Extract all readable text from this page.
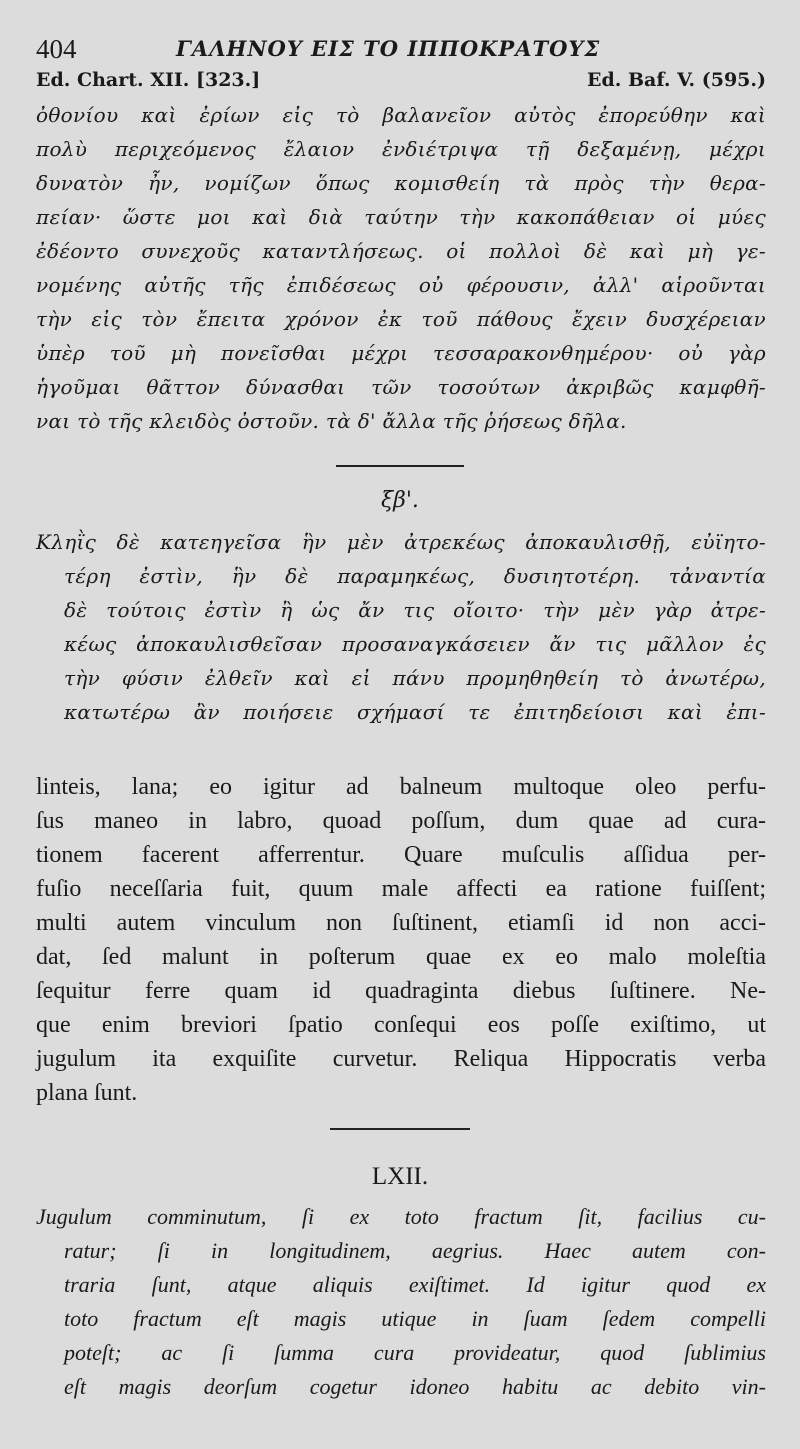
404	ΓΑΛΗΝΟΥ ΕΙΣ ΤΟ ΙΠΠΟΚΡΑΤΟΥΣ
Ed. Chart. XII. [323.]	Ed. Baf. V. (595.)
ὀθονίου καὶ ἐρίων εἰς τὸ βαλανεῖον αὐτὸς ἐπορεύθην καὶ
πολὺ περιχεόμενος ἔλαιον ἐνδιέτριψα τῇ δεξαμένῃ, μέχρι
δυνατὸν ἦν, νομίζων ὅπως κομισθείη τὰ πρὸς τὴν θερα-
πείαν· ὥστε μοι καὶ διὰ ταύτην τὴν κακοπάθειαν οἱ μύες
ἐδέοντο συνεχοῦς καταντλήσεως. οἱ πολλοὶ δὲ καὶ μὴ γε-
νομένης αὐτῆς τῆς ἐπιδέσεως οὐ φέρουσιν, ἀλλ' αἱροῦνται
τὴν εἰς τὸν ἔπειτα χρόνον ἐκ τοῦ πάθους ἔχειν δυσχέρειαν
ὑπὲρ τοῦ μὴ πονεῖσθαι μέχρι τεσσαρακονθημέρου· οὐ γὰρ
ἡγοῦμαι θᾶττον δύνασθαι τῶν τοσούτων ἀκριβῶς καμφθῆ-
ναι τὸ τῆς κλειδὸς ὀστοῦν. τὰ δ' ἄλλα τῆς ῥήσεως δῆλα.
ξβ'.
Κληῒς δὲ κατεηγεῖσα ἣν μὲν ἀτρεκέως ἀποκαυλισθῇ, εὐϊητο-
τέρη ἐστὶν, ἣν δὲ παραμηκέως, δυσιητοτέρη. τἀναντία
δὲ τούτοις ἐστὶν ἢ ὡς ἄν τις οἴοιτο· τὴν μὲν γὰρ ἀτρε-
κέως ἀποκαυλισθεῖσαν προσαναγκάσειεν ἄν τις μᾶλλον ἐς
τὴν φύσιν ἐλθεῖν καὶ εἰ πάνυ προμηθηθείη τὸ ἀνωτέρω,
κατωτέρω ἂν ποιήσειε σχήμασί τε ἐπιτηδείοισι καὶ ἐπι-
linteis, lana; eo igitur ad balneum multoque oleo perfu-
ſus maneo in labro, quoad poſſum, dum quae ad cura-
tionem facerent afferrentur. Quare muſculis aſſidua per-
fuſio neceſſaria fuit, quum male affecti ea ratione fuiſſent;
multi autem vinculum non ſuſtinent, etiamſi id non acci-
dat, ſed malunt in poſterum quae ex eo malo moleſtia
ſequitur ferre quam id quadraginta diebus ſuſtinere. Ne-
que enim breviori ſpatio conſequi eos poſſe exiſtimo, ut
jugulum ita exquiſite curvetur. Reliqua Hippocratis verba
plana ſunt.
LXII.
Jugulum comminutum, ſi ex toto fractum ſit, facilius cu-
ratur; ſi in longitudinem, aegrius. Haec autem con-
traria ſunt, atque aliquis exiſtimet. Id igitur quod ex
toto fractum eſt magis utique in ſuam ſedem compelli
poteſt; ac ſi ſumma cura provideatur, quod ſublimius
eſt magis deorſum cogetur idoneo habitu ac debito vin-
